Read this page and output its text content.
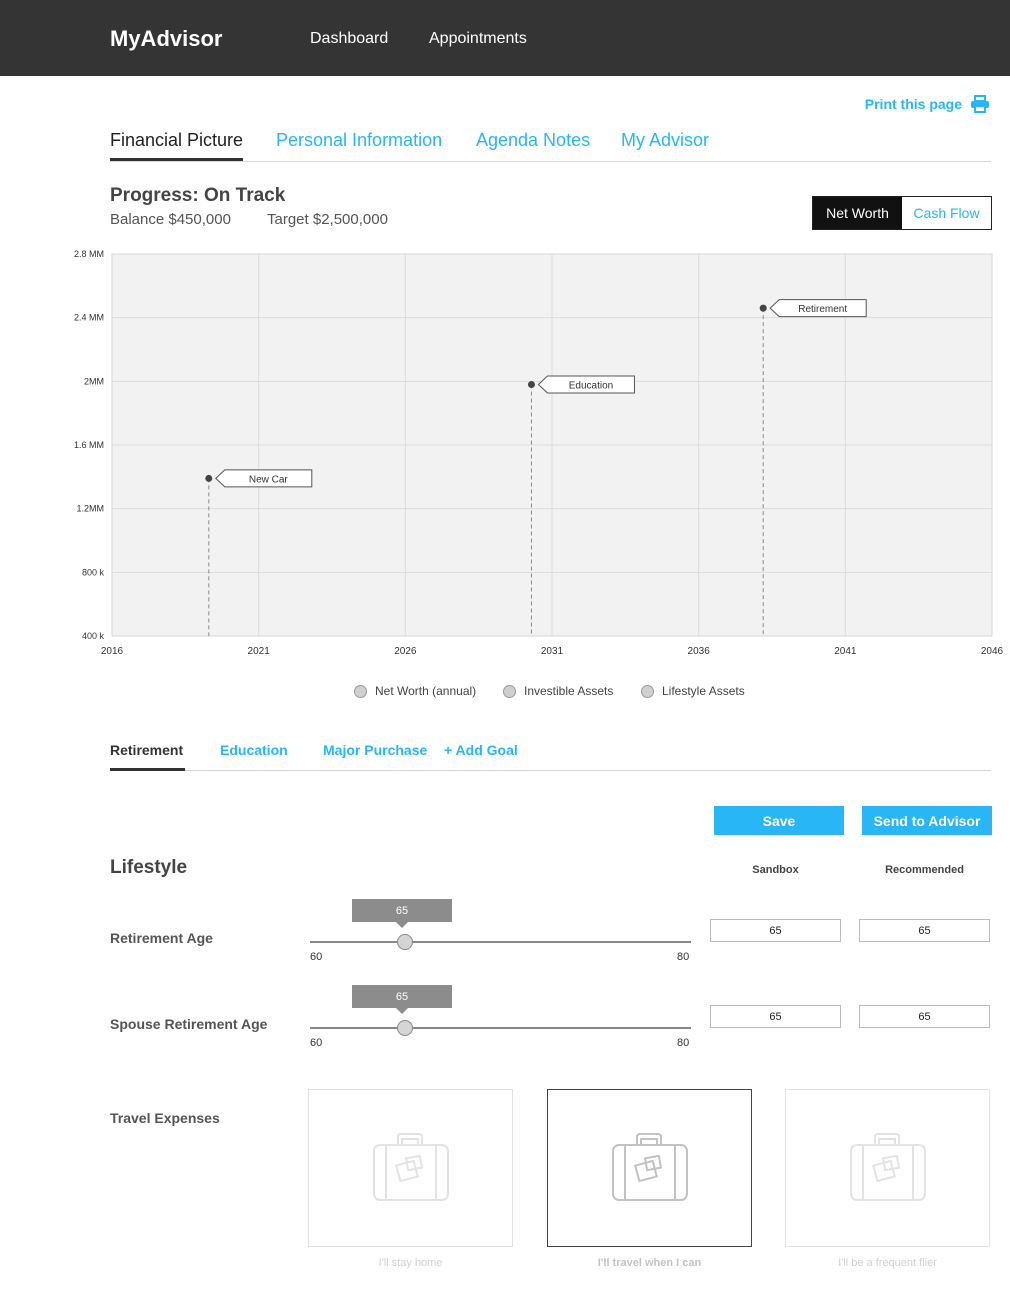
MyAdvisor	Dashboard	Appointments
Print this page
Financial Picture Personal Information Agenda Notes My Advisor
Progress: On Track
Balance $450,000 Target $2,500,000	Net Worth	Cash Flow
2016	2021	2026	2031	2036	2041	2046
400 k
800 k
1.2MM
1.6 MM
2MM
2.4 MM
2.8 MM
New Car
Education
Retirement
Net Worth (annual)	Investible Assets	Lifestyle Assets
Retirement	Education	Major Purchase + Add Goal
Save	Send to Advisor
Lifestyle	Sandbox	Recommended
Retirement Age
65
60	80
65	65
Spouse Retirement Age
65
60	80
65	65
Travel Expenses
I'll stay home	I'll travel when I can	I'll be a frequent flier
